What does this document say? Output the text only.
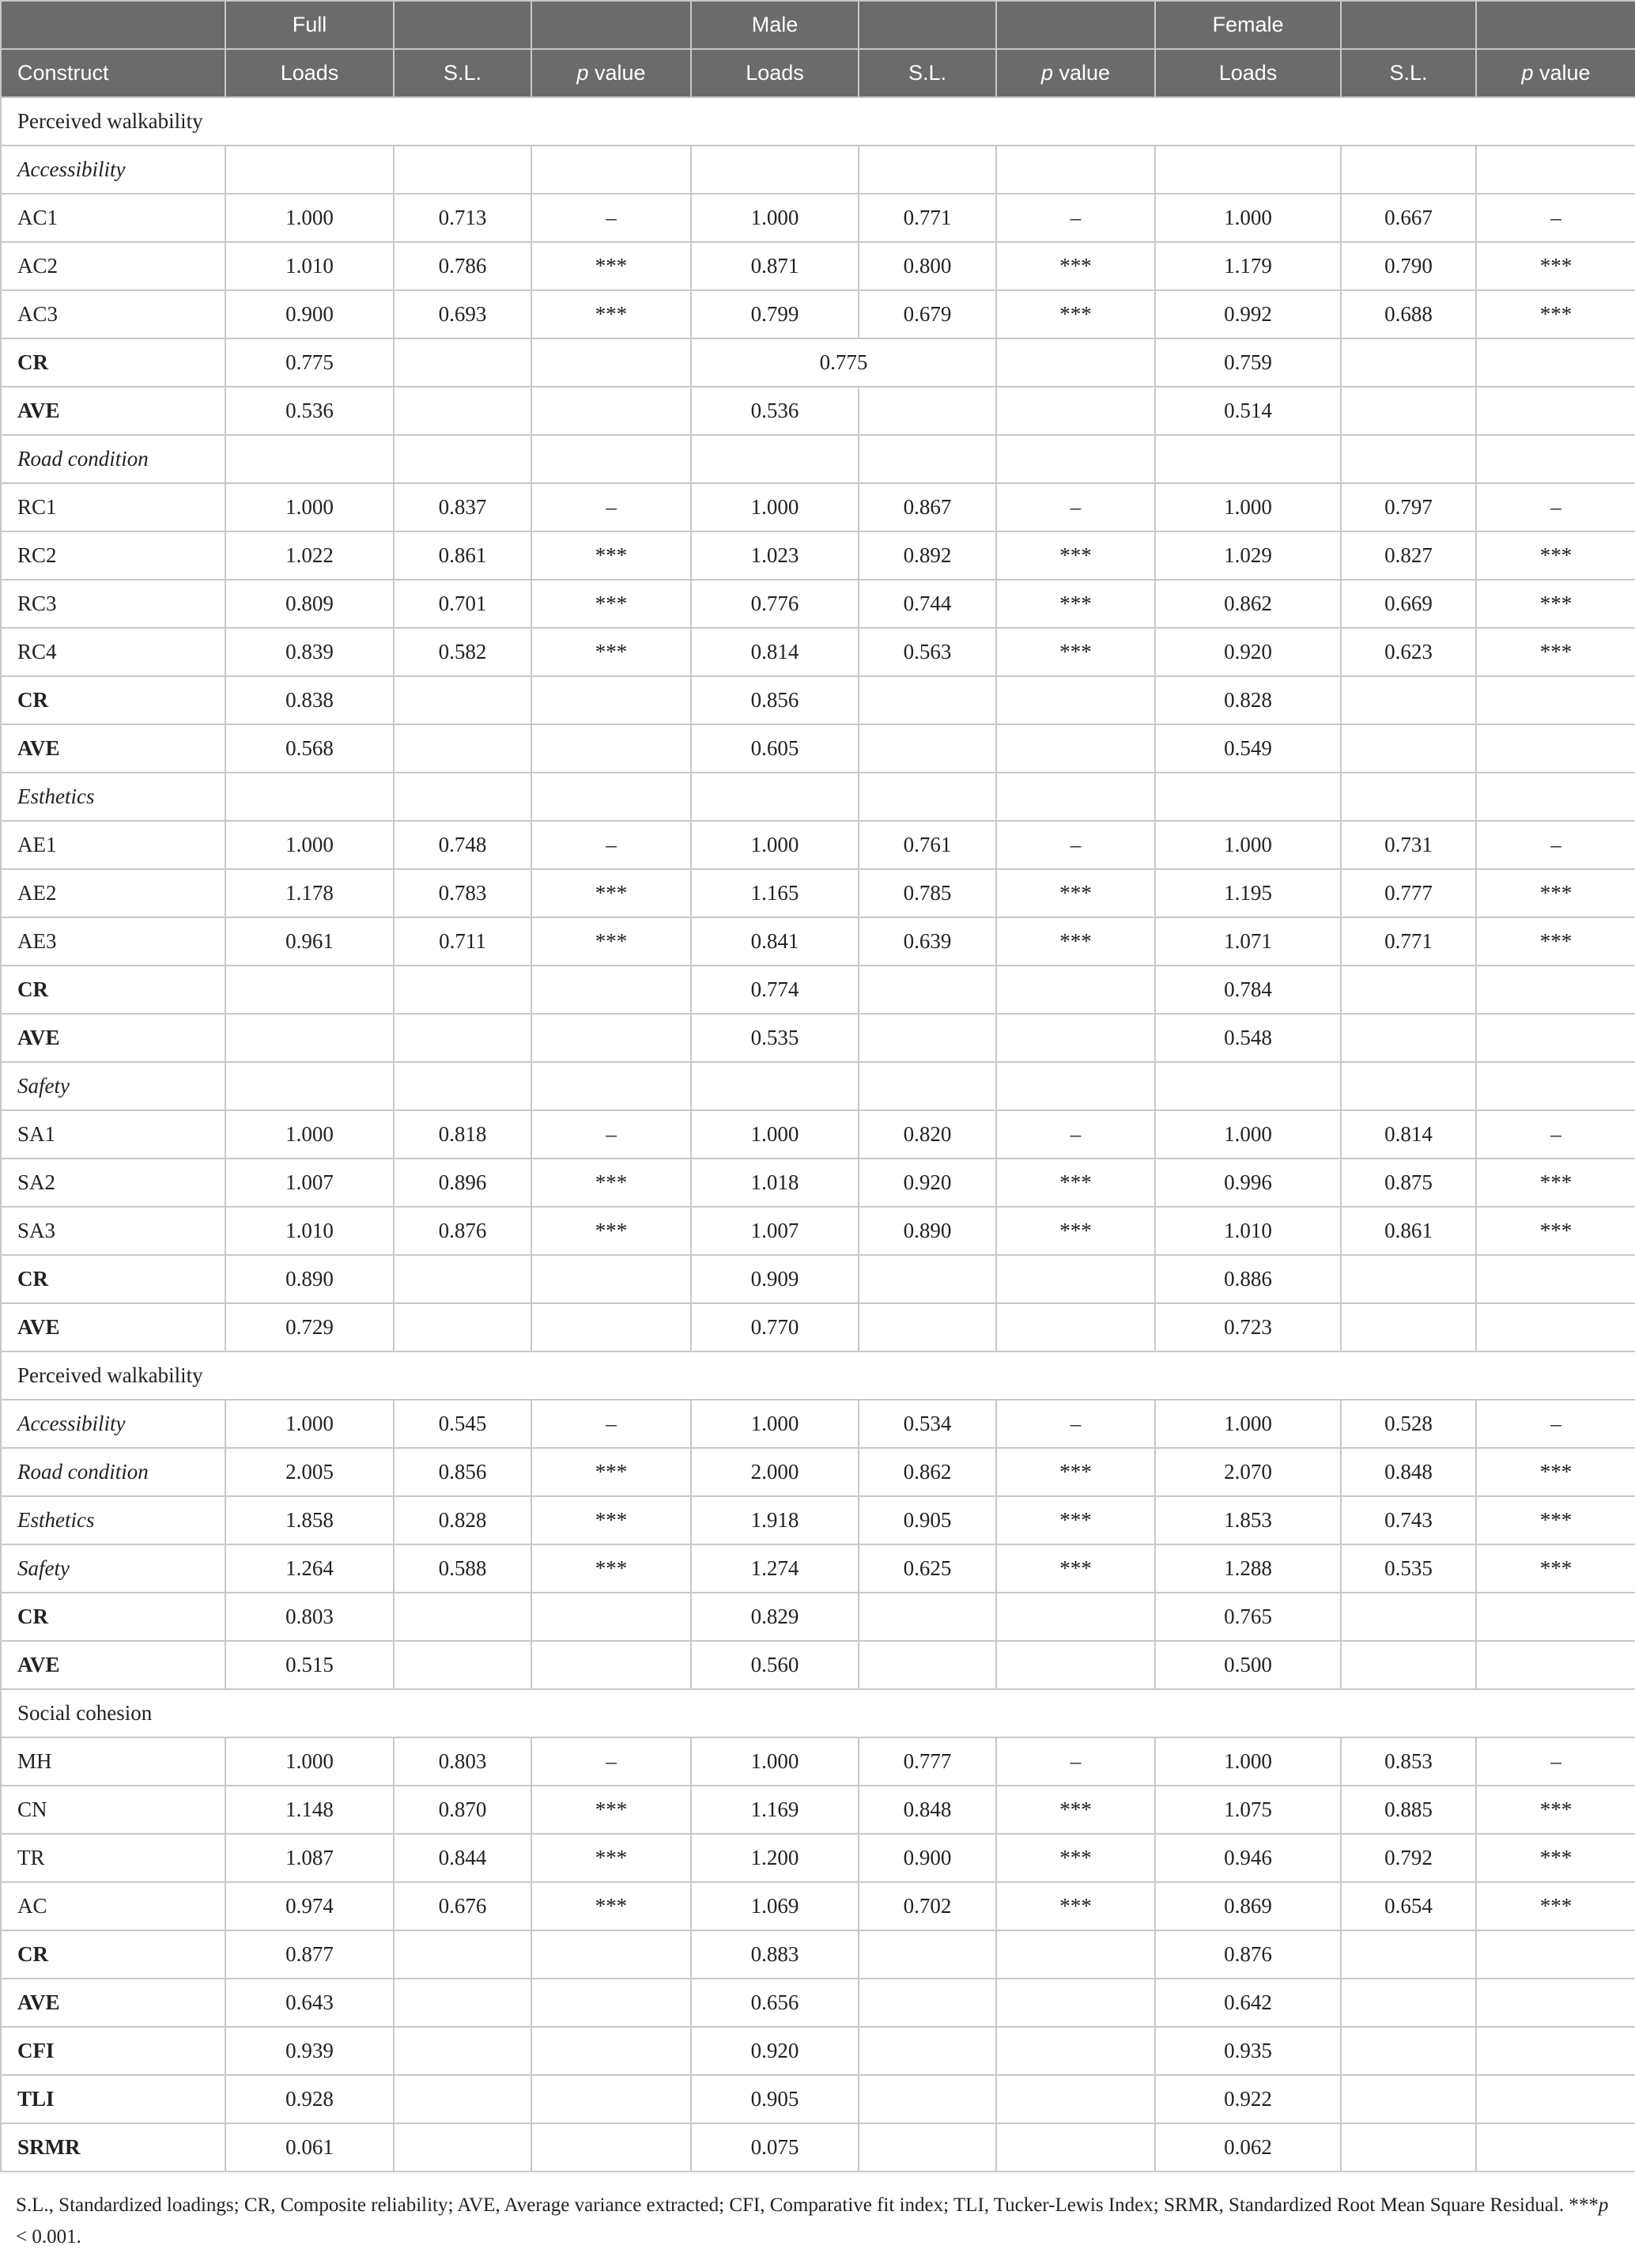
	Full			Male			Female		
Construct	Loads	S.L.	p value	Loads	S.L.	p value	Loads	S.L.	p value
Perceived walkability									
Accessibility									
AC1	1.000	0.713	–	1.000	0.771	–	1.000	0.667	–
AC2	1.010	0.786	***	0.871	0.800	***	1.179	0.790	***
AC3	0.900	0.693	***	0.799	0.679	***	0.992	0.688	***
CR	0.775			0.775			0.759		
AVE	0.536			0.536			0.514		
Road condition									
RC1	1.000	0.837	–	1.000	0.867	–	1.000	0.797	–
RC2	1.022	0.861	***	1.023	0.892	***	1.029	0.827	***
RC3	0.809	0.701	***	0.776	0.744	***	0.862	0.669	***
RC4	0.839	0.582	***	0.814	0.563	***	0.920	0.623	***
CR	0.838			0.856			0.828		
AVE	0.568			0.605			0.549		
Esthetics									
AE1	1.000	0.748	–	1.000	0.761	–	1.000	0.731	–
AE2	1.178	0.783	***	1.165	0.785	***	1.195	0.777	***
AE3	0.961	0.711	***	0.841	0.639	***	1.071	0.771	***
CR				0.774			0.784		
AVE				0.535			0.548		
Safety									
SA1	1.000	0.818	–	1.000	0.820	–	1.000	0.814	–
SA2	1.007	0.896	***	1.018	0.920	***	0.996	0.875	***
SA3	1.010	0.876	***	1.007	0.890	***	1.010	0.861	***
CR	0.890			0.909			0.886		
AVE	0.729			0.770			0.723		
Perceived walkability									
Accessibility	1.000	0.545	–	1.000	0.534	–	1.000	0.528	–
Road condition	2.005	0.856	***	2.000	0.862	***	2.070	0.848	***
Esthetics	1.858	0.828	***	1.918	0.905	***	1.853	0.743	***
Safety	1.264	0.588	***	1.274	0.625	***	1.288	0.535	***
CR	0.803			0.829			0.765		
AVE	0.515			0.560			0.500		
Social cohesion									
MH	1.000	0.803	–	1.000	0.777	–	1.000	0.853	–
CN	1.148	0.870	***	1.169	0.848	***	1.075	0.885	***
TR	1.087	0.844	***	1.200	0.900	***	0.946	0.792	***
AC	0.974	0.676	***	1.069	0.702	***	0.869	0.654	***
CR	0.877			0.883			0.876		
AVE	0.643			0.656			0.642		
CFI	0.939			0.920			0.935		
TLI	0.928			0.905			0.922		
SRMR	0.061			0.075			0.062		
S.L., Standardized loadings; CR, Composite reliability; AVE, Average variance extracted; CFI, Comparative fit index; TLI, Tucker-Lewis Index; SRMR, Standardized Root Mean Square Residual. ***p < 0.001.
